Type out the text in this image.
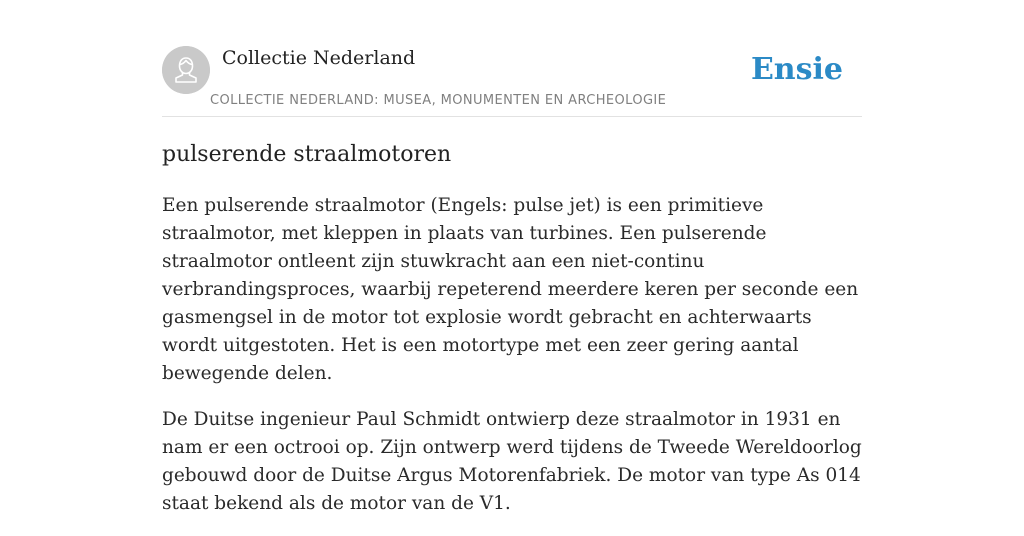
Collectie Nederland
COLLECTIE NEDERLAND: MUSEA, MONUMENTEN EN ARCHEOLOGIE
Ensie
pulserende straalmotoren

Een pulserende straalmotor (Engels: pulse jet) is een primitieve straalmotor, met kleppen in plaats van turbines. Een pulserende straalmotor ontleent zijn stuwkracht aan een niet-continu verbrandingsproces, waarbij repeterend meerdere keren per seconde een gasmengsel in de motor tot explosie wordt gebracht en achterwaarts wordt uitgestoten. Het is een motortype met een zeer gering aantal bewegende delen.

De Duitse ingenieur Paul Schmidt ontwierp deze straalmotor in 1931 en nam er een octrooi op. Zijn ontwerp werd tijdens de Tweede Wereldoorlog gebouwd door de Duitse Argus Motorenfabriek. De motor van type As 014 staat bekend als de motor van de V1.
